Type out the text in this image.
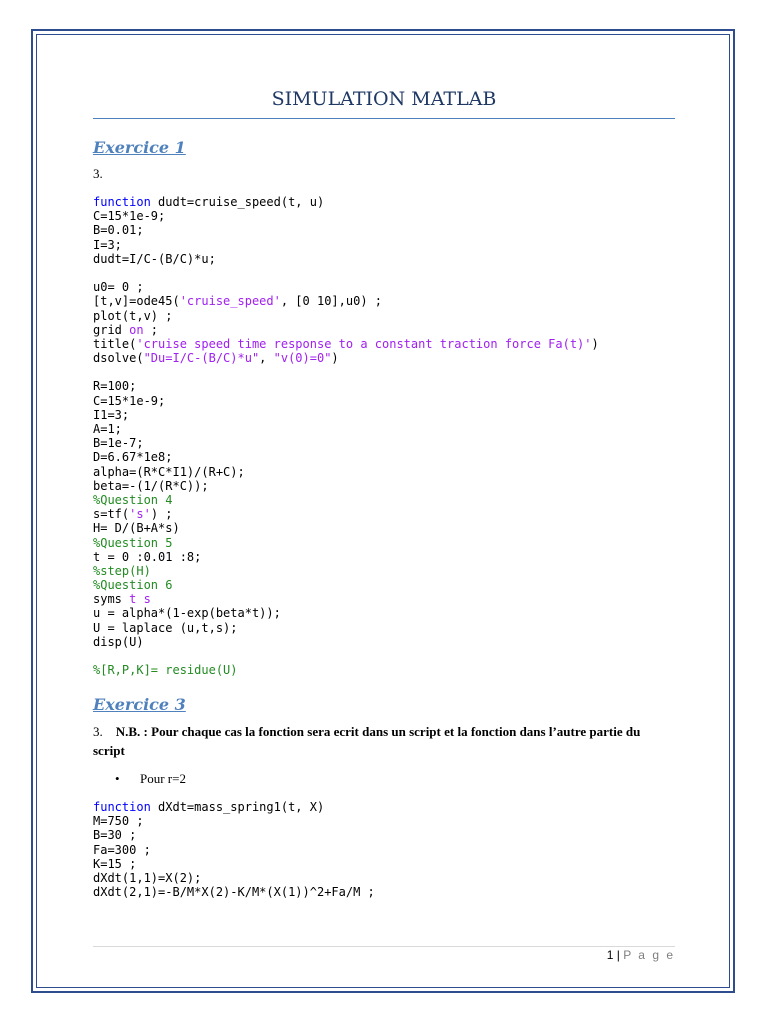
SIMULATION MATLAB
Exercice 1
3.
function dudt=cruise_speed(t, u)
C=15*1e-9;
B=0.01;
I=3;
dudt=I/C-(B/C)*u;
u0= 0 ;
[t,v]=ode45('cruise_speed', [0 10],u0) ;
plot(t,v) ;
grid on ;
title('cruise speed time response to a constant traction force Fa(t)')
dsolve("Du=I/C-(B/C)*u", "v(0)=0")
R=100;
C=15*1e-9;
I1=3;
A=1;
B=1e-7;
D=6.67*1e8;
alpha=(R*C*I1)/(R+C);
beta=-(1/(R*C));
%Question 4
s=tf('s') ;
H= D/(B+A*s)
%Question 5
t = 0 :0.01 :8;
%step(H)
%Question 6
syms t s
u = alpha*(1-exp(beta*t));
U = laplace (u,t,s);
disp(U)
%[R,P,K]= residue(U)
Exercice 3
3. N.B. : Pour chaque cas la fonction sera ecrit dans un script et la fonction dans l’autre partie du script
• Pour r=2
function dXdt=mass_spring1(t, X)
M=750 ;
B=30 ;
Fa=300 ;
K=15 ;
dXdt(1,1)=X(2);
dXdt(2,1)=-B/M*X(2)-K/M*(X(1))^2+Fa/M ;
1 | P a g e
